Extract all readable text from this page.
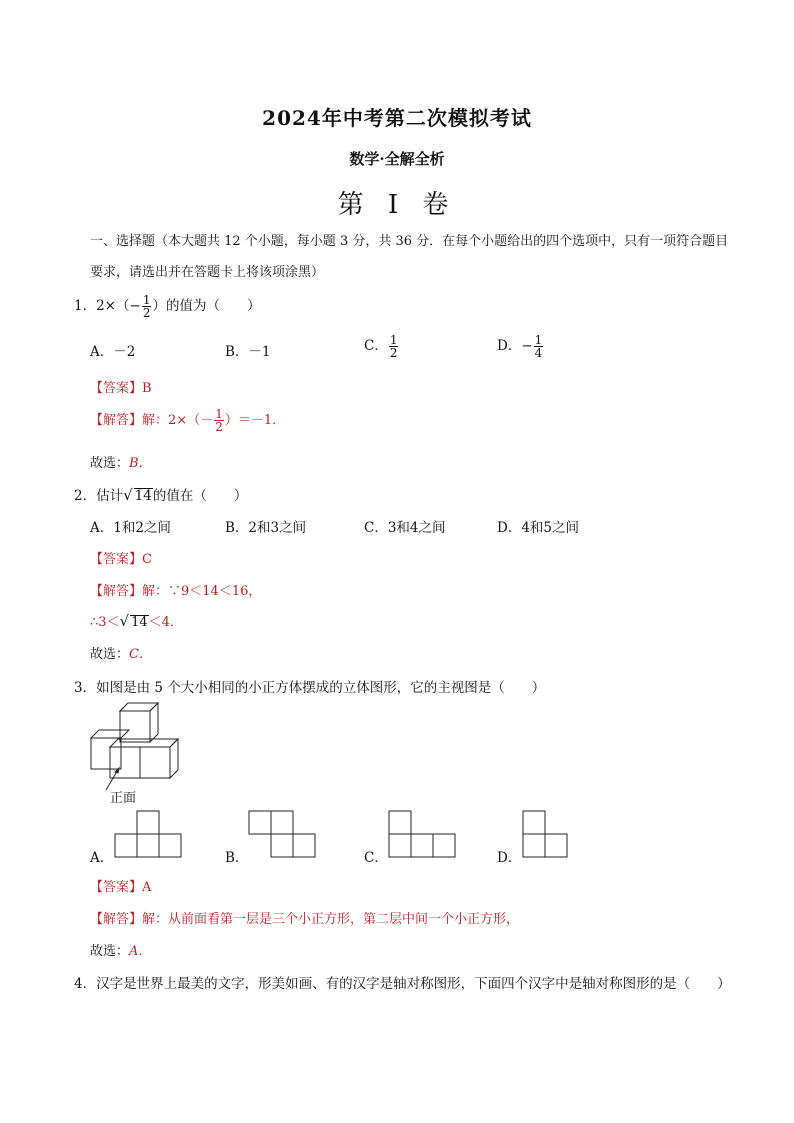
2024年中考第二次模拟考试
数学·全解全析
第 I 卷
一、选择题（本大题共 12 个小题，每小题 3 分，共 36 分．在每个小题给出的四个选项中，只有一项符合题目要求，请选出并在答题卡上将该项涂黑）
1．$2\times(- \frac{1}{2}$ ）的值为（　　）
A．－2	B．－1	C． $\frac{1}{2}$	D．− $\frac{1}{4}$
【答案】B
【解答】解：$2\times(- \frac{1}{2} )=-1$．
故选：B．
2．估计√ 14的值在（　　）
A．1和2之间	B．2和3之间	C．3和4之间	D．4和5之间
【答案】C
【解答】解：∵9＜14＜16，
∴3＜√ 14＜4．
故选：C．
3．如图是由 5 个大小相同的小正方体摆成的立体图形，它的主视图是（　　）
正面
A．	B．	C．	D．
【答案】A
【解答】解：从前面看第一层是三个小正方形，第二层中间一个小正方形，
故选：A．
4．汉字是世界上最美的文字，形美如画、有的汉字是轴对称图形，下面四个汉字中是轴对称图形的是（　　）
